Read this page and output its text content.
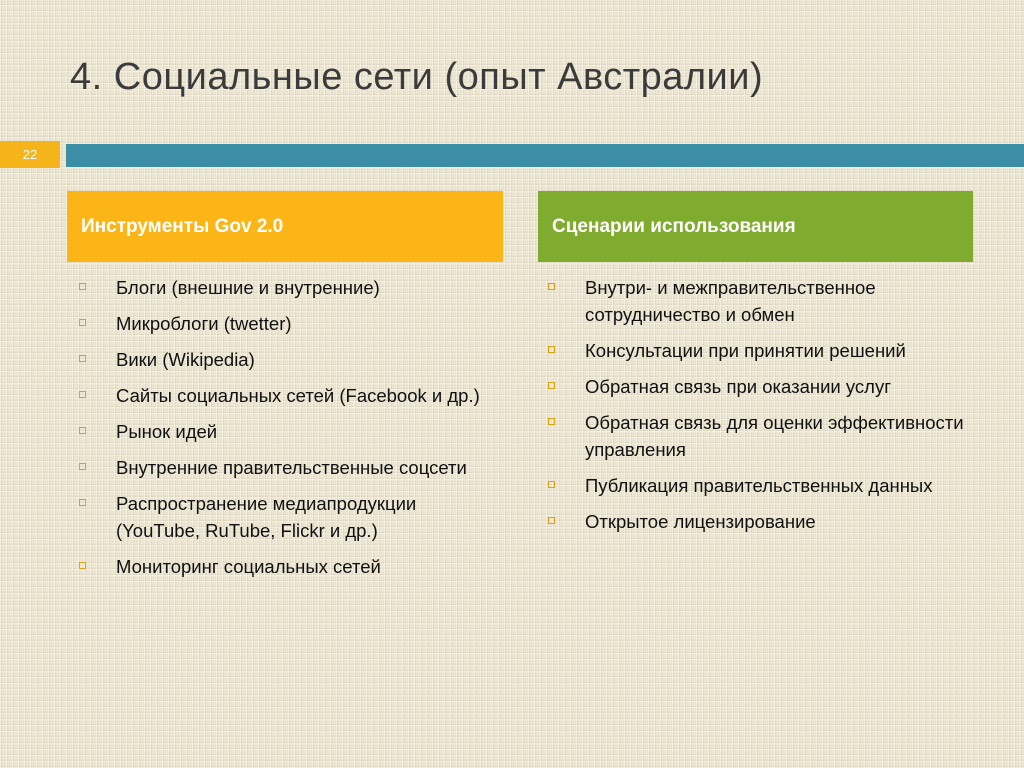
4. Социальные сети (опыт Австралии)
22
Инструменты Gov 2.0	Сценарии использования
Блоги (внешние и внутренние)
Микроблоги (twetter)
Вики (Wikipedia)
Сайты социальных сетей (Facebook и др.)
Рынок идей
Внутренние правительственные соцсети
Распространение медиапродукции (YouTube, RuTube, Flickr и др.)
Мониторинг социальных сетей
Внутри- и межправительственное сотрудничество и обмен
Консультации при принятии решений
Обратная связь при оказании услуг
Обратная связь для оценки эффективности управления
Публикация правительственных данных
Открытое лицензирование
